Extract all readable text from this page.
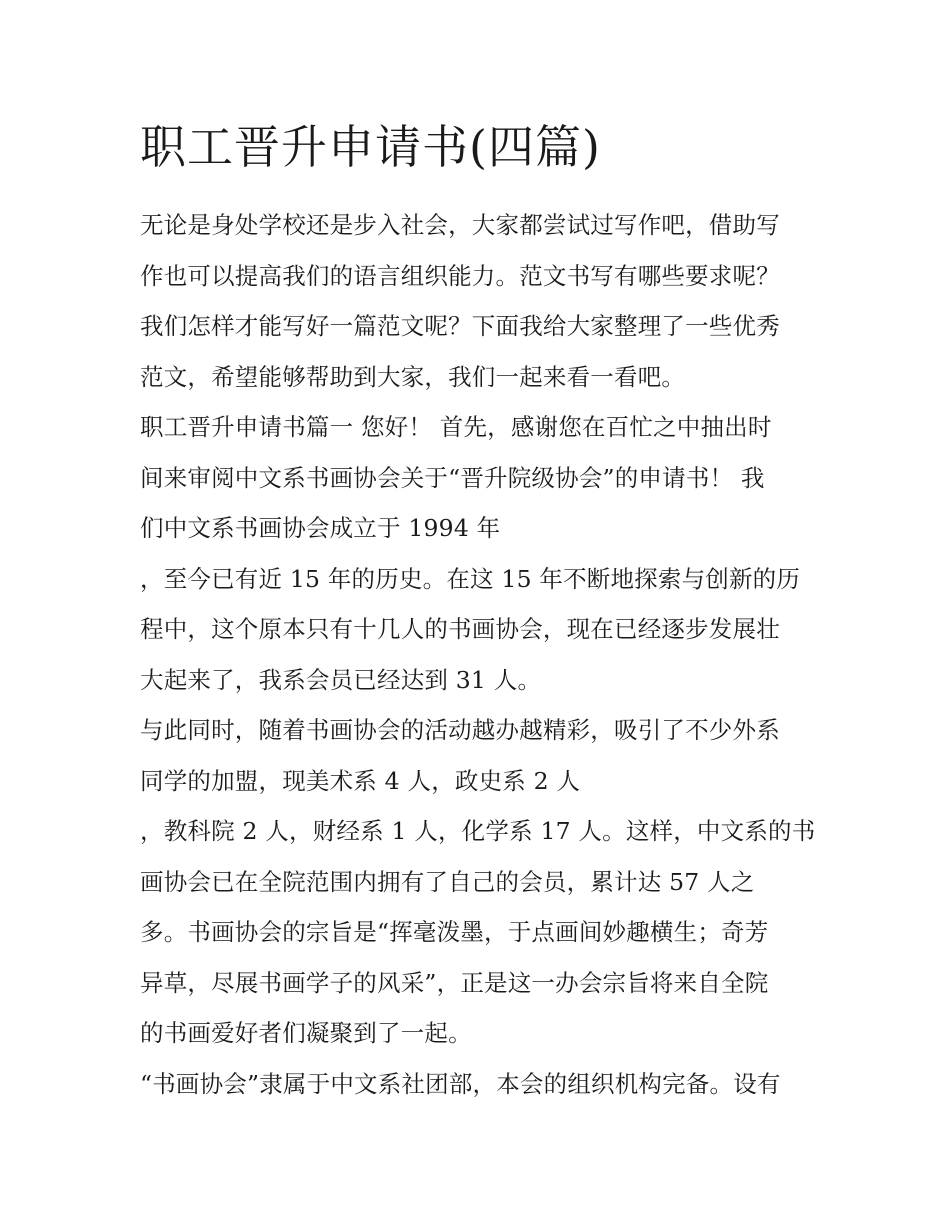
职工晋升申请书(四篇)
无论是身处学校还是步入社会，大家都尝试过写作吧，借助写
作也可以提高我们的语言组织能力。范文书写有哪些要求呢？
我们怎样才能写好一篇范文呢？下面我给大家整理了一些优秀
范文，希望能够帮助到大家，我们一起来看一看吧。
职工晋升申请书篇一 您好！ 首先，感谢您在百忙之中抽出时
间来审阅中文系书画协会关于“晋升院级协会”的申请书！ 我
们中文系书画协会成立于 1994 年
，至今已有近 15 年的历史。在这 15 年不断地探索与创新的历
程中，这个原本只有十几人的书画协会，现在已经逐步发展壮
大起来了，我系会员已经达到 31 人。
与此同时，随着书画协会的活动越办越精彩，吸引了不少外系
同学的加盟，现美术系 4 人，政史系 2 人
，教科院 2 人，财经系 1 人，化学系 17 人。这样，中文系的书
画协会已在全院范围内拥有了自己的会员，累计达 57 人之
多。书画协会的宗旨是“挥毫泼墨，于点画间妙趣横生；奇芳
异草，尽展书画学子的风采”，正是这一办会宗旨将来自全院
的书画爱好者们凝聚到了一起。
“书画协会”隶属于中文系社团部，本会的组织机构完备。设有
